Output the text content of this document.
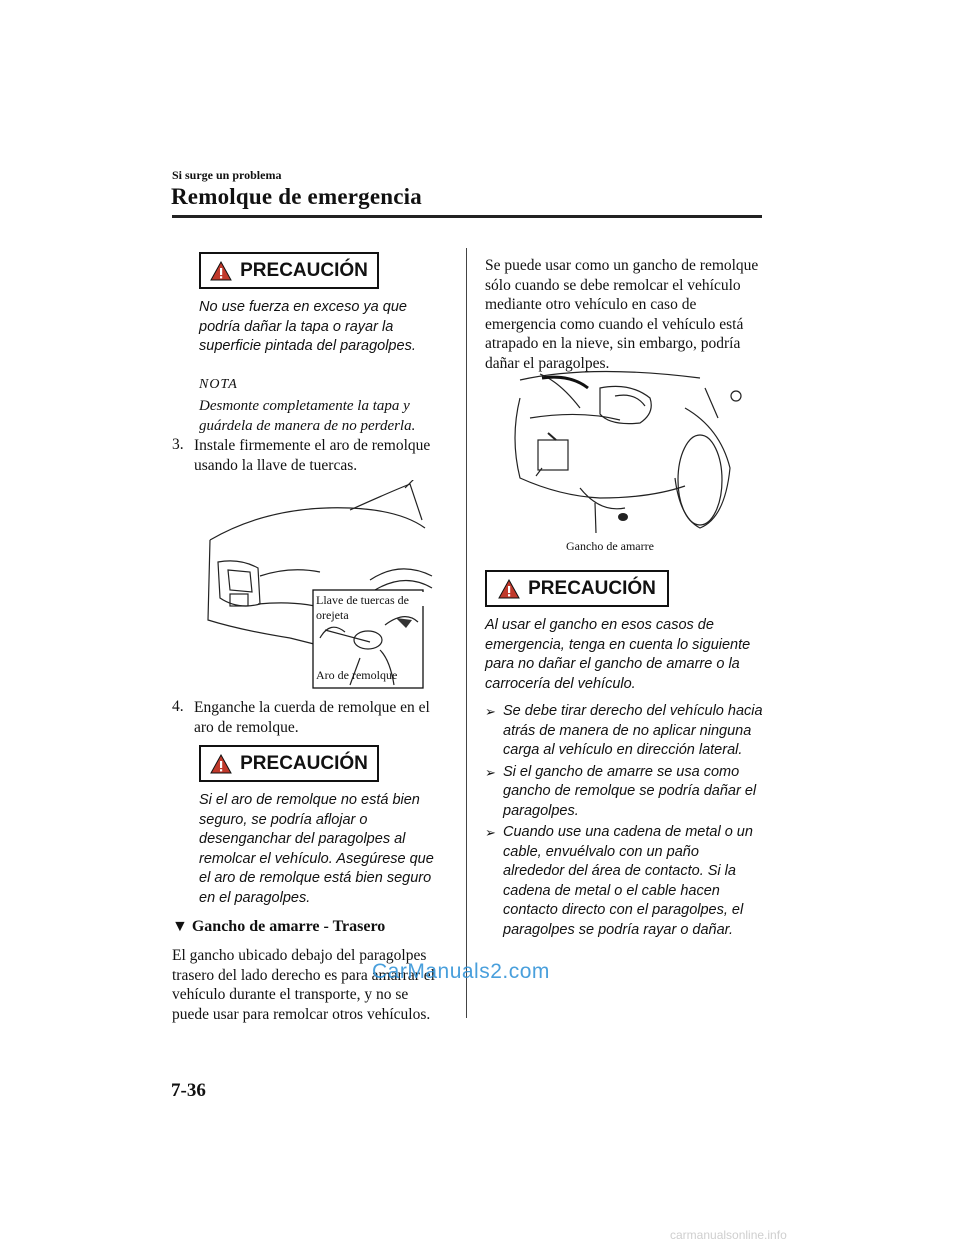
Si surge un problema
Remolque de emergencia
PRECAUCIÓN
No use fuerza en exceso ya que podría dañar la tapa o rayar la superficie pintada del paragolpes.
NOTA
Desmonte completamente la tapa y guárdela de manera de no perderla.
3. Instale firmemente el aro de remolque usando la llave de tuercas.
Llave de tuercas de orejeta
Aro de remolque
4. Enganche la cuerda de remolque en el aro de remolque.
PRECAUCIÓN
Si el aro de remolque no está bien seguro, se podría aflojar o desenganchar del paragolpes al remolcar el vehículo. Asegúrese que el aro de remolque está bien seguro en el paragolpes.
▼ Gancho de amarre - Trasero
El gancho ubicado debajo del paragolpes trasero del lado derecho es para amarrar el vehículo durante el transporte, y no se puede usar para remolcar otros vehículos.
Se puede usar como un gancho de remolque sólo cuando se debe remolcar el vehículo mediante otro vehículo en caso de emergencia como cuando el vehículo está atrapado en la nieve, sin embargo, podría dañar el paragolpes.
Gancho de amarre
PRECAUCIÓN
Al usar el gancho en esos casos de emergencia, tenga en cuenta lo siguiente para no dañar el gancho de amarre o la carrocería del vehículo.
➢ Se debe tirar derecho del vehículo hacia atrás de manera de no aplicar ninguna carga al vehículo en dirección lateral.
➢ Si el gancho de amarre se usa como gancho de remolque se podría dañar el paragolpes.
➢ Cuando use una cadena de metal o un cable, envuélvalo con un paño alrededor del área de contacto. Si la cadena de metal o el cable hacen contacto directo con el paragolpes, el paragolpes se podría rayar o dañar.
7-36
CarManuals2.com
carmanualsonline.info
